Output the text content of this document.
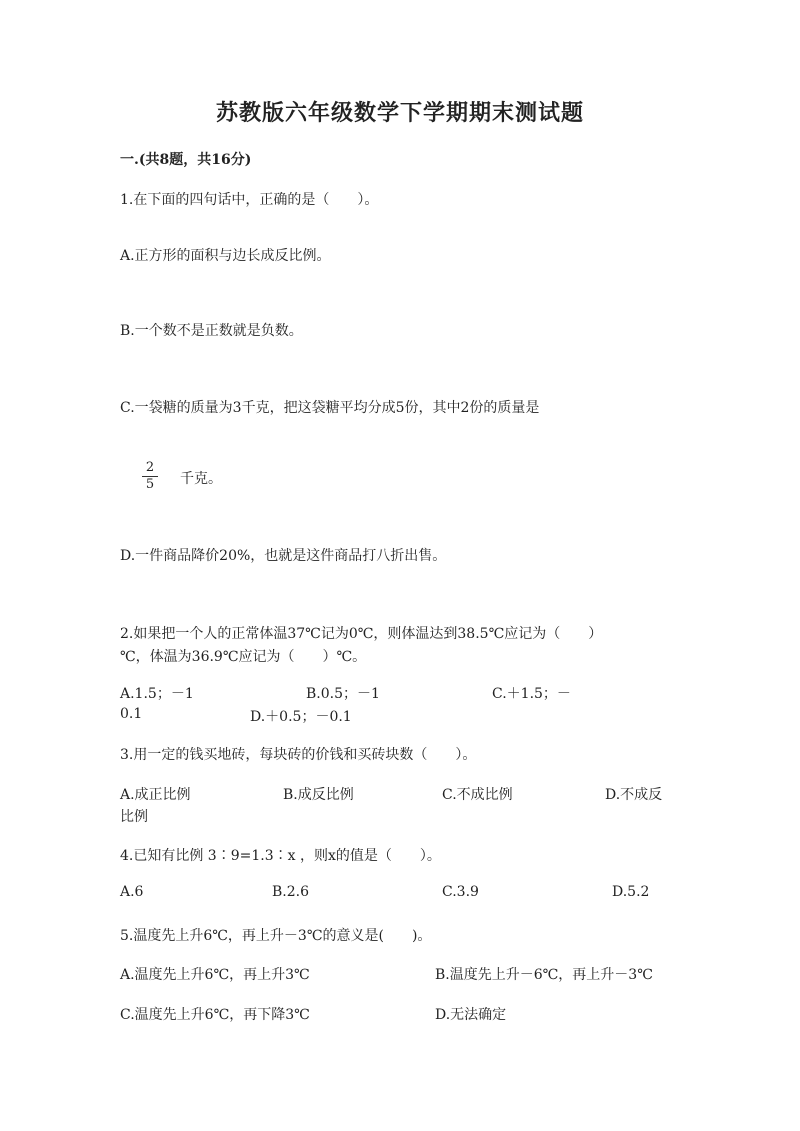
苏教版六年级数学下学期期末测试题
一.(共8题，共16分)
1.在下面的四句话中，正确的是（　　）。
A.正方形的面积与边长成反比例。
B.一个数不是正数就是负数。
C.一袋糖的质量为3千克，把这袋糖平均分成5份，其中2份的质量是
2
5 千克。
D.一件商品降价20%，也就是这件商品打八折出售。
2.如果把一个人的正常体温37℃记为0℃，则体温达到38.5℃应记为（　　）
℃，体温为36.9℃应记为（　　）℃。
A.1.5；－1	B.0.5；－1	C.＋1.5；－
0.1	D.＋0.5；－0.1
3.用一定的钱买地砖，每块砖的价钱和买砖块数（　　）。
A.成正比例	B.成反比例	C.不成比例	D.不成反
比例
4.已知有比例 3∶9=1.3∶x ，则x的值是（　　）。
A.6	B.2.6	C.3.9	D.5.2
5.温度先上升6℃，再上升－3℃的意义是(　　)。
A.温度先上升6℃，再上升3℃	B.温度先上升－6℃，再上升－3℃
C.温度先上升6℃，再下降3℃	D.无法确定
